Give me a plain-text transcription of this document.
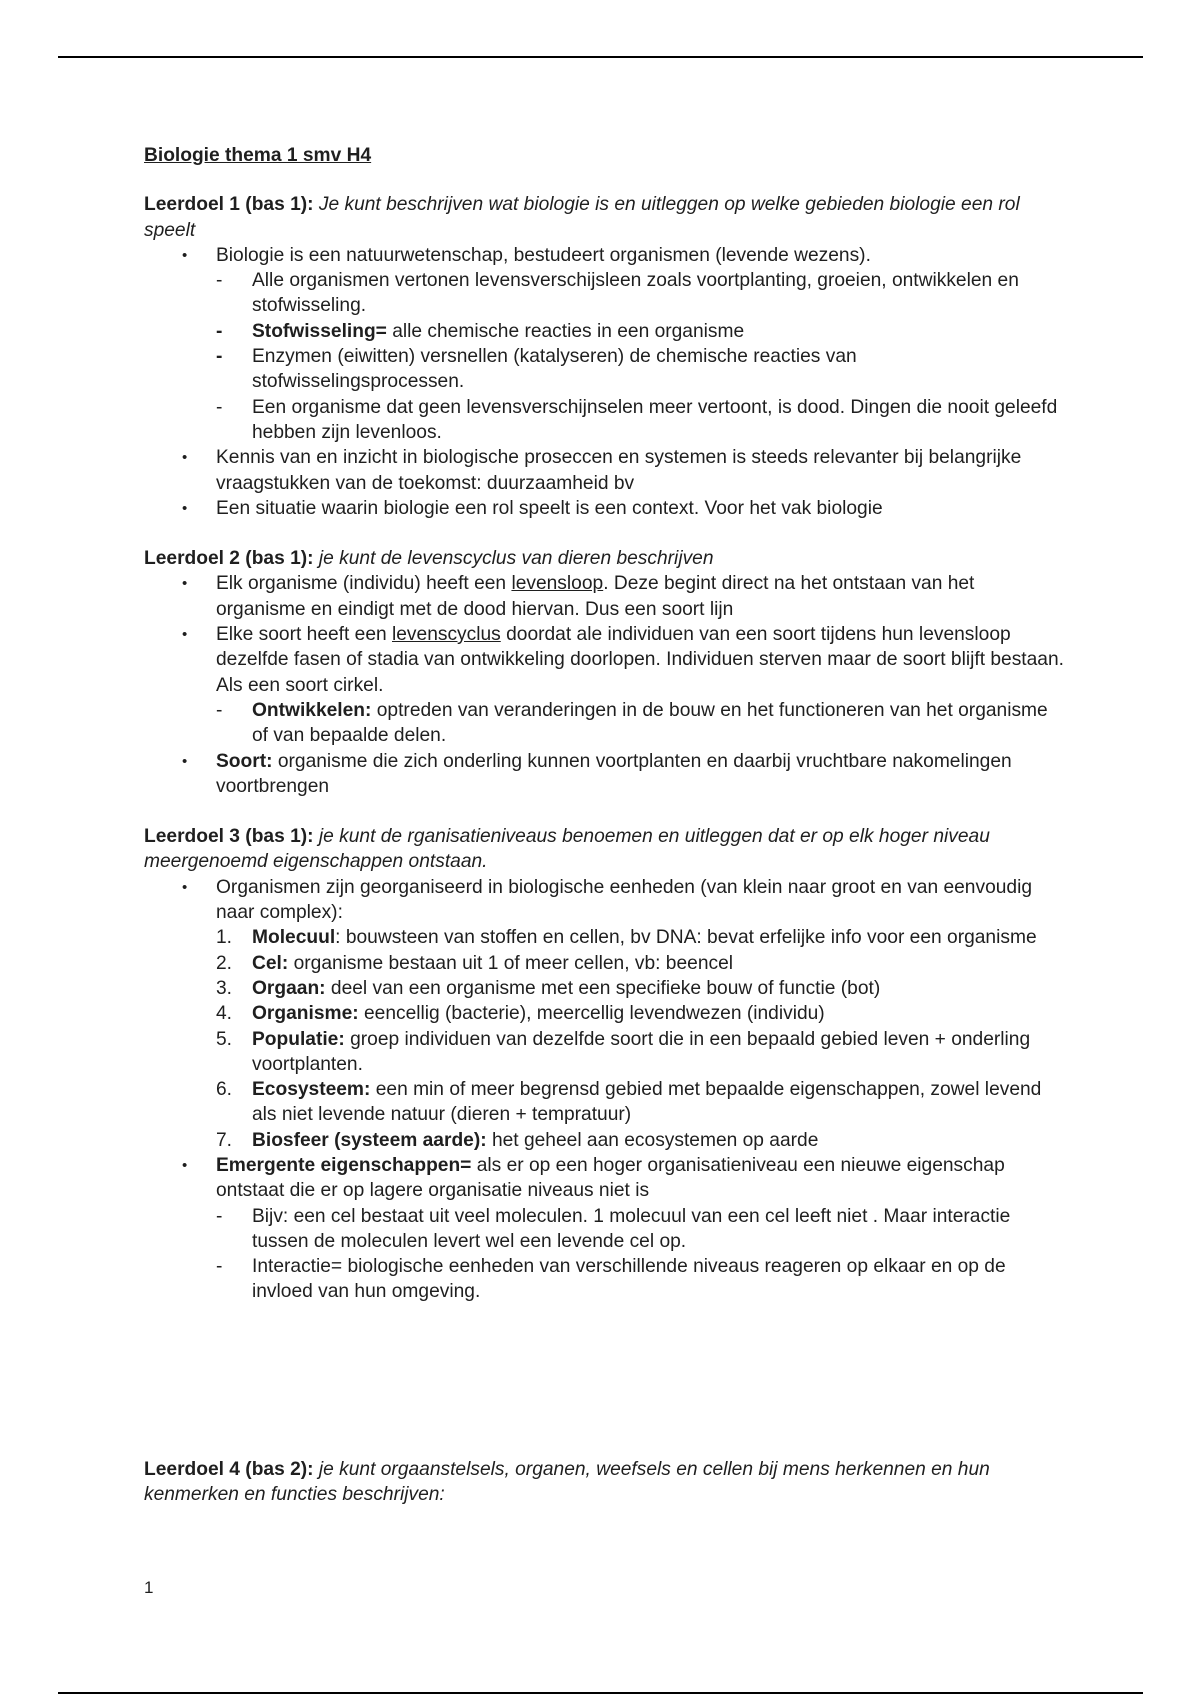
Biologie thema 1 smv H4

Leerdoel 1 (bas 1): Je kunt beschrijven wat biologie is en uitleggen op welke gebieden biologie een rol speelt

• Biologie is een natuurwetenschap, bestudeert organismen (levende wezens).
- Alle organismen vertonen levensverschijsleen zoals voortplanting, groeien, ontwikkelen en stofwisseling.
- Stofwisseling= alle chemische reacties in een organisme
- Enzymen (eiwitten) versnellen (katalyseren) de chemische reacties van stofwisselingsprocessen.
- Een organisme dat geen levensverschijnselen meer vertoont, is dood. Dingen die nooit geleefd hebben zijn levenloos.
• Kennis van en inzicht in biologische proseccen en systemen is steeds relevanter bij belangrijke vraagstukken van de toekomst: duurzaamheid bv
• Een situatie waarin biologie een rol speelt is een context. Voor het vak biologie

Leerdoel 2 (bas 1): je kunt de levenscyclus van dieren beschrijven

• Elk organisme (individu) heeft een levensloop. Deze begint direct na het ontstaan van het organisme en eindigt met de dood hiervan. Dus een soort lijn
• Elke soort heeft een levenscyclus doordat ale individuen van een soort tijdens hun levensloop dezelfde fasen of stadia van ontwikkeling doorlopen. Individuen sterven maar de soort blijft bestaan. Als een soort cirkel.
- Ontwikkelen: optreden van veranderingen in de bouw en het functioneren van het organisme of van bepaalde delen.
• Soort: organisme die zich onderling kunnen voortplanten en daarbij vruchtbare nakomelingen voortbrengen

Leerdoel 3 (bas 1): je kunt de rganisatieniveaus benoemen en uitleggen dat er op elk hoger niveau meergenoemd eigenschappen ontstaan.

• Organismen zijn georganiseerd in biologische eenheden (van klein naar groot en van eenvoudig naar complex):
1. Molecuul: bouwsteen van stoffen en cellen, bv DNA: bevat erfelijke info voor een organisme
2. Cel: organisme bestaan uit 1 of meer cellen, vb: beencel
3. Orgaan: deel van een organisme met een specifieke bouw of functie (bot)
4. Organisme: eencellig (bacterie), meercellig levendwezen (individu)
5. Populatie: groep individuen van dezelfde soort die in een bepaald gebied leven + onderling voortplanten.
6. Ecosysteem: een min of meer begrensd gebied met bepaalde eigenschappen, zowel levend als niet levende natuur (dieren + tempratuur)
7. Biosfeer (systeem aarde): het geheel aan ecosystemen op aarde
• Emergente eigenschappen= als er op een hoger organisatieniveau een nieuwe eigenschap ontstaat die er op lagere organisatie niveaus niet is
- Bijv: een cel bestaat uit veel moleculen. 1 molecuul van een cel leeft niet . Maar interactie tussen de moleculen levert wel een levende cel op.
- Interactie= biologische eenheden van verschillende niveaus reageren op elkaar en op de invloed van hun omgeving.

Leerdoel 4 (bas 2): je kunt orgaanstelsels, organen, weefsels en cellen bij mens herkennen en hun kenmerken en functies beschrijven:

1
